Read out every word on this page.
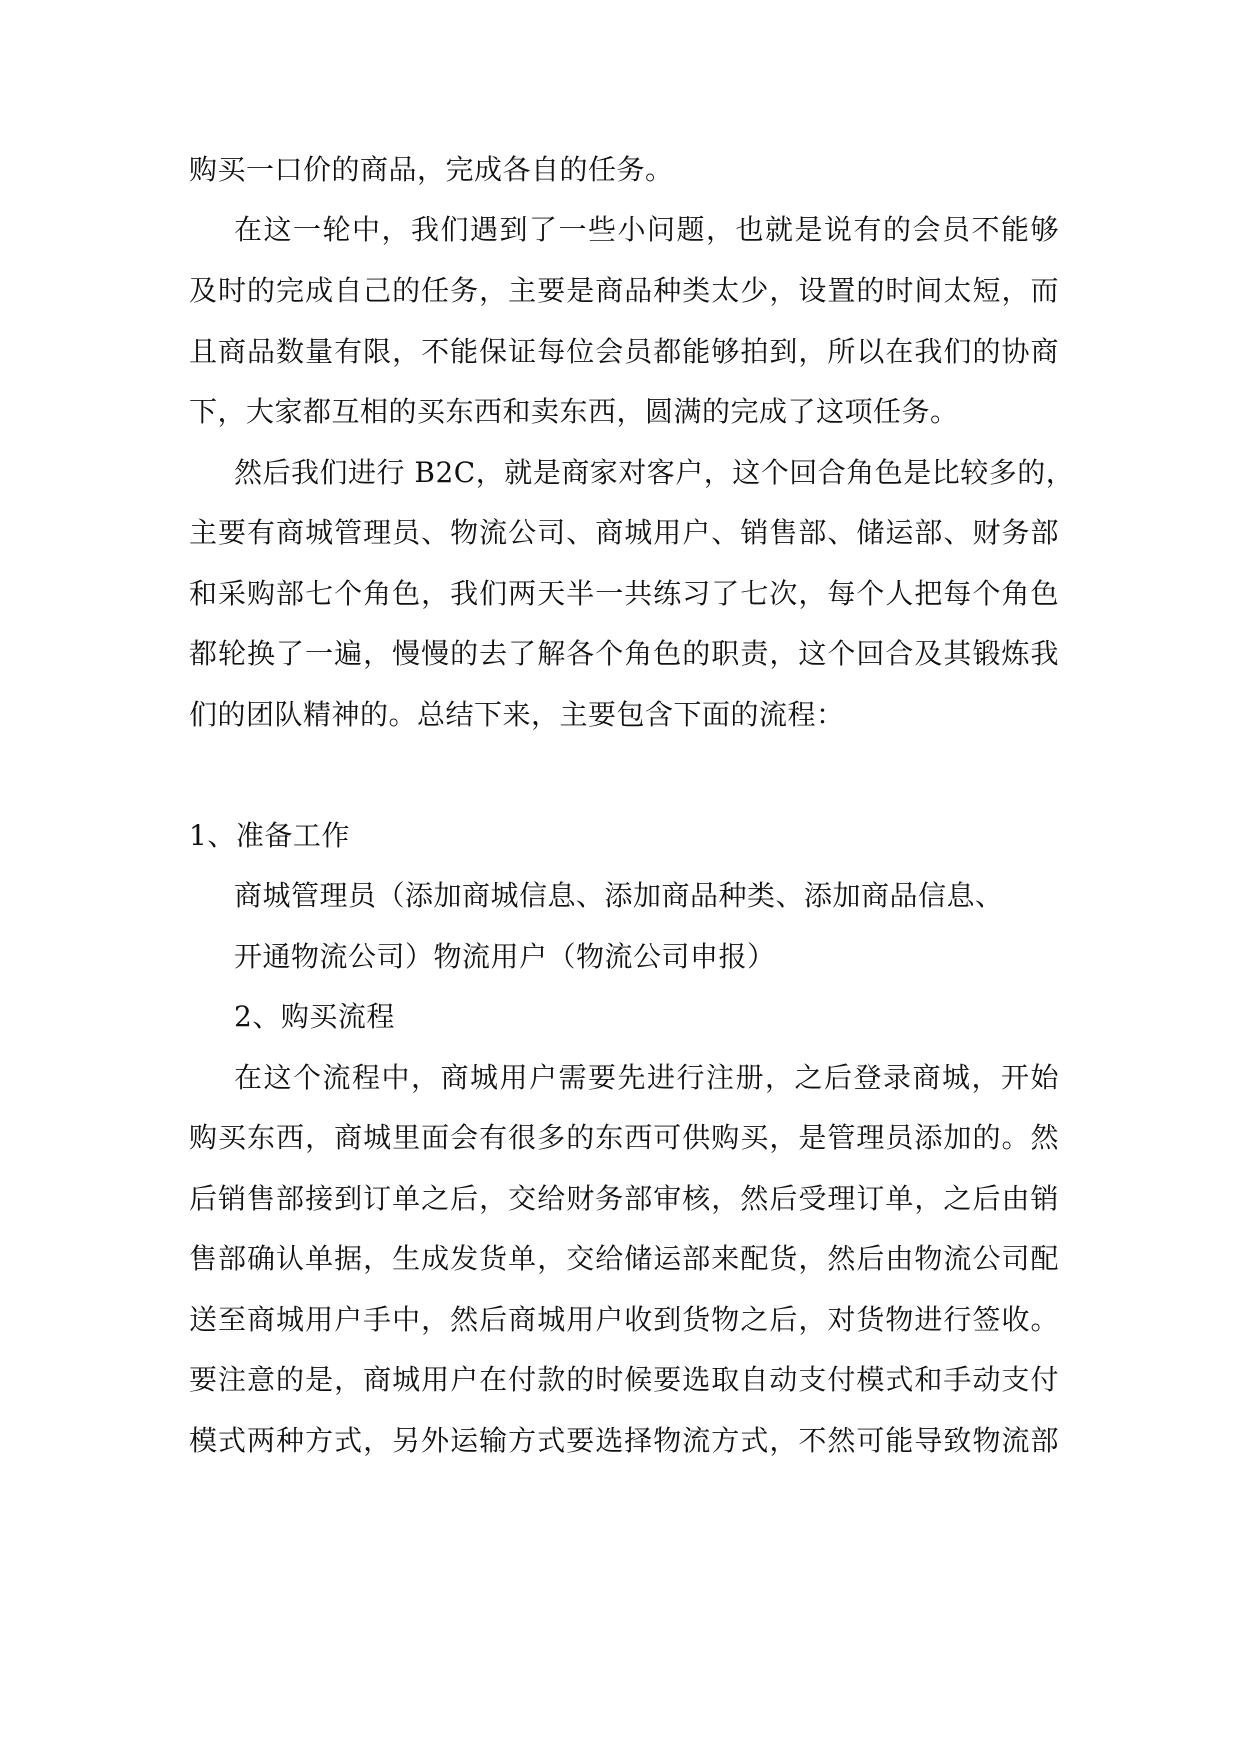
购买一口价的商品，完成各自的任务。
在这一轮中，我们遇到了一些小问题，也就是说有的会员不能够
及时的完成自己的任务，主要是商品种类太少，设置的时间太短，而
且商品数量有限，不能保证每位会员都能够拍到，所以在我们的协商
下，大家都互相的买东西和卖东西，圆满的完成了这项任务。
然后我们进行 B2C，就是商家对客户，这个回合角色是比较多的，
主要有商城管理员、物流公司、商城用户、销售部、储运部、财务部
和采购部七个角色，我们两天半一共练习了七次，每个人把每个角色
都轮换了一遍，慢慢的去了解各个角色的职责，这个回合及其锻炼我
们的团队精神的。总结下来，主要包含下面的流程：
1、准备工作
商城管理员（添加商城信息、添加商品种类、添加商品信息、
开通物流公司）物流用户（物流公司申报）
2、购买流程
在这个流程中，商城用户需要先进行注册，之后登录商城，开始
购买东西，商城里面会有很多的东西可供购买，是管理员添加的。然
后销售部接到订单之后，交给财务部审核，然后受理订单，之后由销
售部确认单据，生成发货单，交给储运部来配货，然后由物流公司配
送至商城用户手中，然后商城用户收到货物之后，对货物进行签收。
要注意的是，商城用户在付款的时候要选取自动支付模式和手动支付
模式两种方式，另外运输方式要选择物流方式，不然可能导致物流部
